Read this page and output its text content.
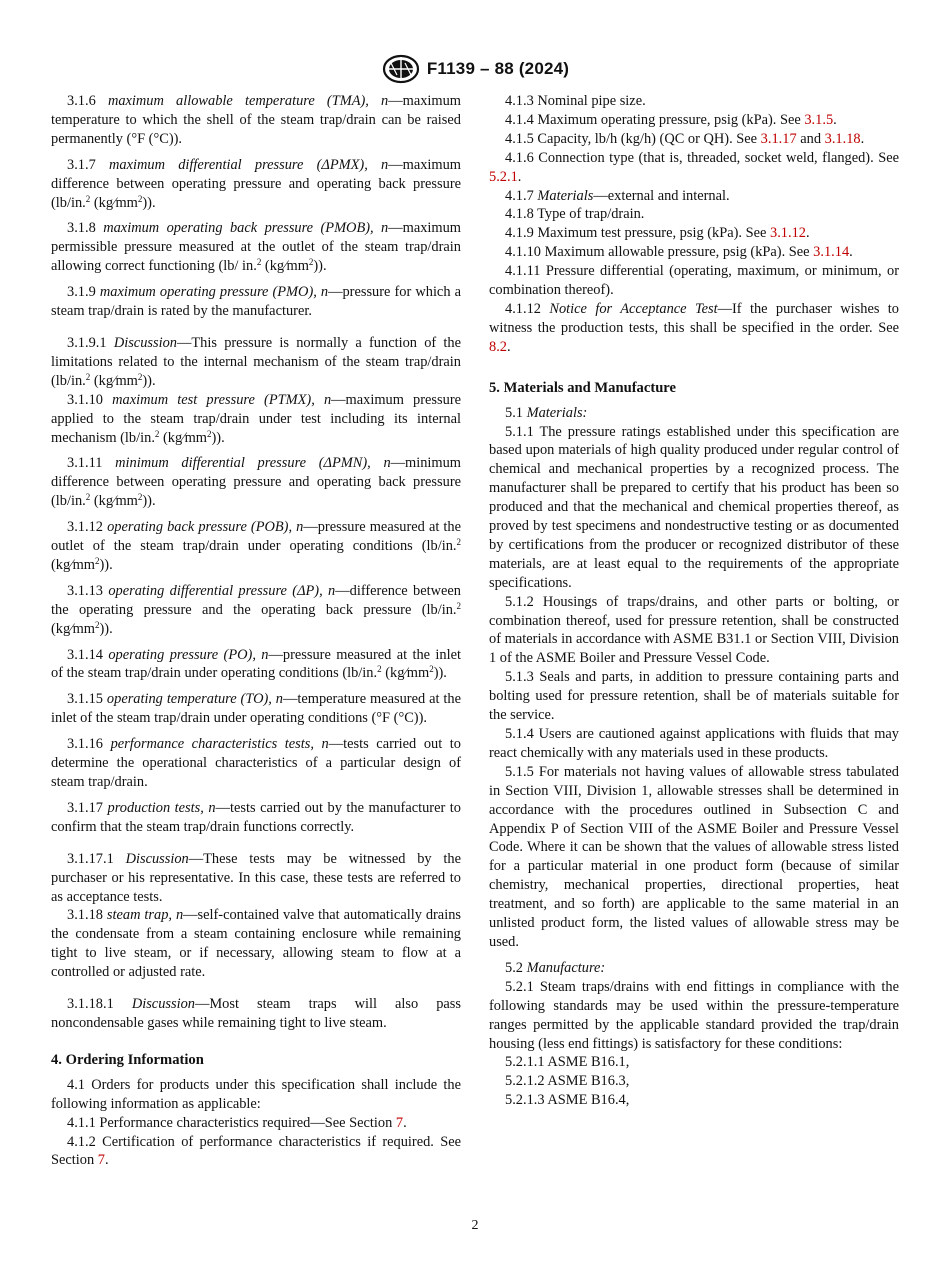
F1139 – 88 (2024)

3.1.6 maximum allowable temperature (TMA), n—maximum temperature to which the shell of the steam trap/drain can be raised permanently (°F (°C)).

3.1.7 maximum differential pressure (ΔPMX), n—maximum difference between operating pressure and operating back pressure (lb/in.$^2$ $(kg⁄mm^2)$).

3.1.8 maximum operating back pressure (PMOB), n—maximum permissible pressure measured at the outlet of the steam trap/drain allowing correct functioning (lb/ in.$^2$ $(kg⁄mm^2)$).

3.1.9 maximum operating pressure (PMO), n—pressure for which a steam trap/drain is rated by the manufacturer.

3.1.9.1 Discussion—This pressure is normally a function of the limitations related to the internal mechanism of the steam trap/drain (lb/in.$^2$ $(kg⁄mm^2)$).

3.1.10 maximum test pressure (PTMX), n—maximum pressure applied to the steam trap/drain under test including its internal mechanism (lb/in.$^2$ $(kg⁄mm^2)$).

3.1.11 minimum differential pressure (ΔPMN), n—minimum difference between operating pressure and operating back pressure (lb/in.$^2$ $(kg⁄mm^2)$).

3.1.12 operating back pressure (POB), n—pressure measured at the outlet of the steam trap/drain under operating conditions (lb/in.$^2$ $(kg⁄mm^2)$).

3.1.13 operating differential pressure (ΔP), n—difference between the operating pressure and the operating back pressure (lb/in.$^2$ $(kg⁄mm^2)$).

3.1.14 operating pressure (PO), n—pressure measured at the inlet of the steam trap/drain under operating conditions (lb/in.$^2$ $(kg⁄mm^2)$).

3.1.15 operating temperature (TO), n—temperature measured at the inlet of the steam trap/drain under operating conditions (°F (°C)).

3.1.16 performance characteristics tests, n—tests carried out to determine the operational characteristics of a particular design of steam trap/drain.

3.1.17 production tests, n—tests carried out by the manufacturer to confirm that the steam trap/drain functions correctly.

3.1.17.1 Discussion—These tests may be witnessed by the purchaser or his representative. In this case, these tests are referred to as acceptance tests.

3.1.18 steam trap, n—self-contained valve that automatically drains the condensate from a steam containing enclosure while remaining tight to live steam, or if necessary, allowing steam to flow at a controlled or adjusted rate.

3.1.18.1 Discussion—Most steam traps will also pass noncondensable gases while remaining tight to live steam.

4. Ordering Information

4.1 Orders for products under this specification shall include the following information as applicable:

4.1.1 Performance characteristics required—See Section 7.

4.1.2 Certification of performance characteristics if required. See Section 7.

4.1.3 Nominal pipe size.

4.1.4 Maximum operating pressure, psig (kPa). See 3.1.5.

4.1.5 Capacity, lb/h (kg/h) (QC or QH). See 3.1.17 and 3.1.18.

4.1.6 Connection type (that is, threaded, socket weld, flanged). See 5.2.1.

4.1.7 Materials—external and internal.

4.1.8 Type of trap/drain.

4.1.9 Maximum test pressure, psig (kPa). See 3.1.12.

4.1.10 Maximum allowable pressure, psig (kPa). See 3.1.14.

4.1.11 Pressure differential (operating, maximum, or minimum, or combination thereof).

4.1.12 Notice for Acceptance Test—If the purchaser wishes to witness the production tests, this shall be specified in the order. See 8.2.

5. Materials and Manufacture

5.1 Materials:

5.1.1 The pressure ratings established under this specification are based upon materials of high quality produced under regular control of chemical and mechanical properties by a recognized process. The manufacturer shall be prepared to certify that his product has been so produced and that the mechanical and chemical properties thereof, as proved by test specimens and nondestructive testing or as documented by certifications from the producer or recognized distributor of these materials, are at least equal to the requirements of the appropriate specifications.

5.1.2 Housings of traps/drains, and other parts or bolting, or combination thereof, used for pressure retention, shall be constructed of materials in accordance with ASME B31.1 or Section VIII, Division 1 of the ASME Boiler and Pressure Vessel Code.

5.1.3 Seals and parts, in addition to pressure containing parts and bolting used for pressure retention, shall be of materials suitable for the service.

5.1.4 Users are cautioned against applications with fluids that may react chemically with any materials used in these products.

5.1.5 For materials not having values of allowable stress tabulated in Section VIII, Division 1, allowable stresses shall be determined in accordance with the procedures outlined in Subsection C and Appendix P of Section VIII of the ASME Boiler and Pressure Vessel Code. Where it can be shown that the values of allowable stress listed for a particular material in one product form (because of similar chemistry, mechanical properties, directional properties, heat treatment, and so forth) are applicable to the same material in an unlisted product form, the listed values of allowable stress may be used.

5.2 Manufacture:

5.2.1 Steam traps/drains with end fittings in compliance with the following standards may be used within the pressure-temperature ranges permitted by the applicable standard provided the trap/drain housing (less end fittings) is satisfactory for these conditions:

5.2.1.1 ASME B16.1,

5.2.1.2 ASME B16.3,

5.2.1.3 ASME B16.4,

2
